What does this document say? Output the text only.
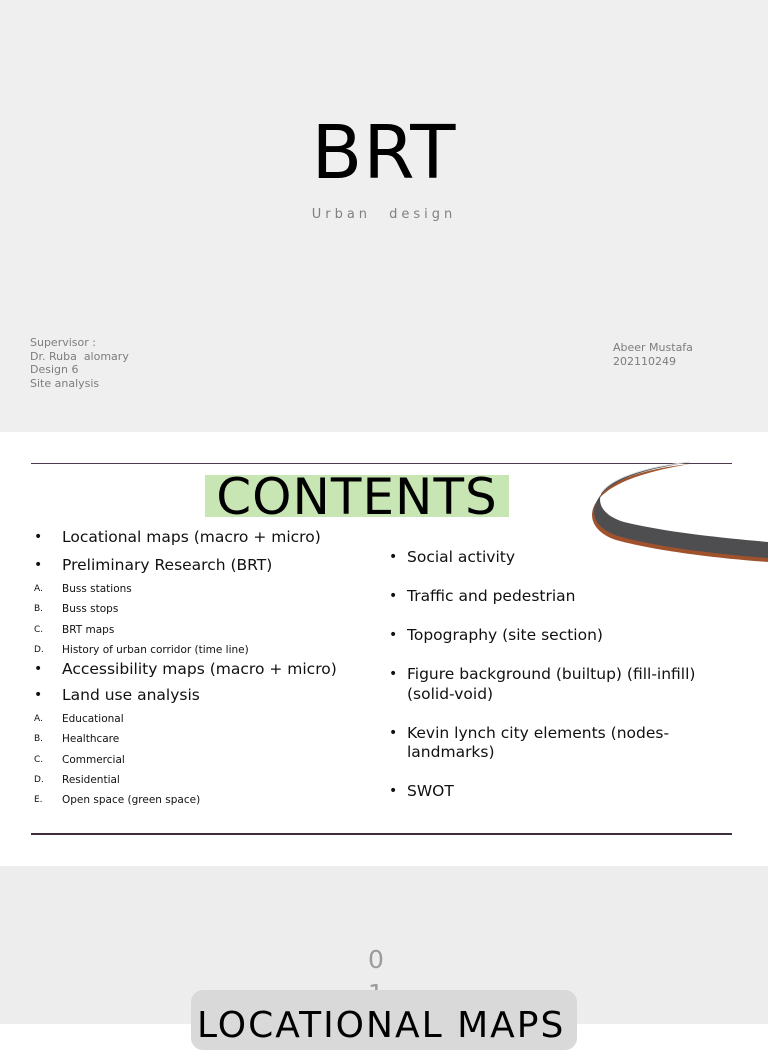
BRT
Urban design
Supervisor :
Dr. Ruba  alomary
Design 6
Site analysis
Abeer Mustafa
202110249
CONTENTS
• Locational maps (macro + micro)
• Preliminary Research (BRT)
A. Buss stations
B. Buss stops
C. BRT maps
D. History of urban corridor (time line)
• Accessibility maps (macro + micro)
• Land use analysis
A. Educational
B. Healthcare
C. Commercial
D. Residential
E. Open space (green space)
• Social activity
• Traffic and pedestrian
• Topography (site section)
• Figure background (builtup) (fill-infill) (solid-void)
• Kevin lynch city elements (nodes-landmarks)
• SWOT
0
LOCATIONAL MAPS
